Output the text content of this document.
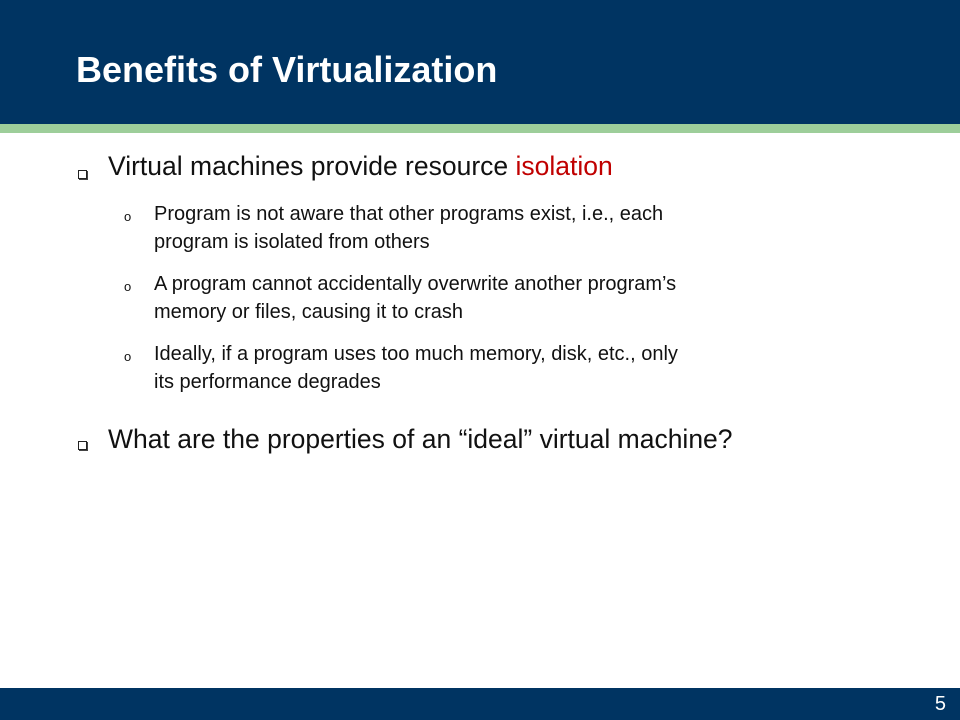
Benefits of Virtualization
Virtual machines provide resource isolation
o Program is not aware that other programs exist, i.e., each
program is isolated from others
o A program cannot accidentally overwrite another program’s
memory or files, causing it to crash
o Ideally, if a program uses too much memory, disk, etc., only
its performance degrades
What are the properties of an “ideal” virtual machine?
5
